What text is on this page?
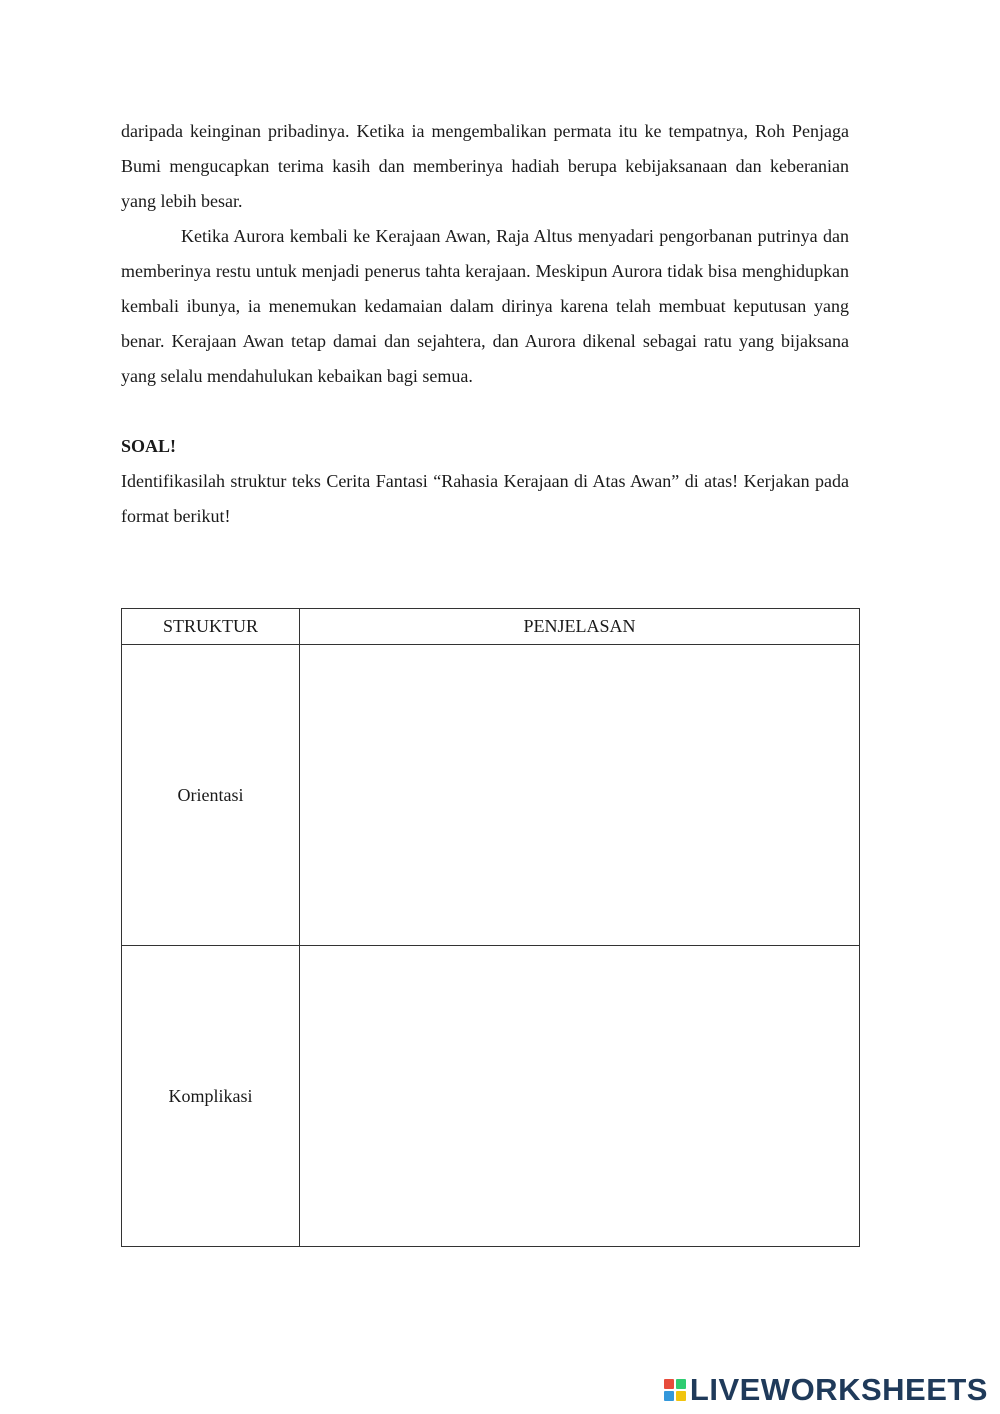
daripada keinginan pribadinya. Ketika ia mengembalikan permata itu ke tempatnya, Roh Penjaga Bumi mengucapkan terima kasih dan memberinya hadiah berupa kebijaksanaan dan keberanian yang lebih besar.

Ketika Aurora kembali ke Kerajaan Awan, Raja Altus menyadari pengorbanan putrinya dan memberinya restu untuk menjadi penerus tahta kerajaan. Meskipun Aurora tidak bisa menghidupkan kembali ibunya, ia menemukan kedamaian dalam dirinya karena telah membuat keputusan yang benar. Kerajaan Awan tetap damai dan sejahtera, dan Aurora dikenal sebagai ratu yang bijaksana yang selalu mendahulukan kebaikan bagi semua.

SOAL!

Identifikasilah struktur teks Cerita Fantasi “Rahasia Kerajaan di Atas Awan” di atas! Kerjakan pada format berikut!

STRUKTUR	PENJELASAN
Orientasi	
Komplikasi	
LIVEWORKSHEETS
